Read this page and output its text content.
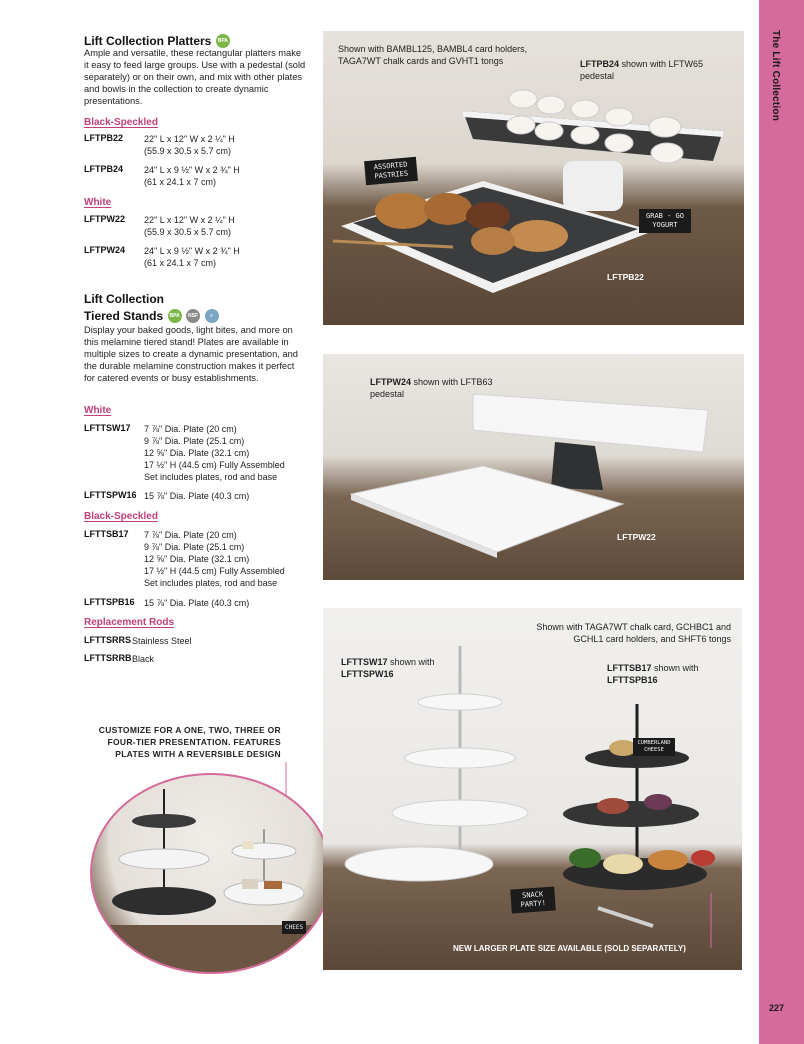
The Lift Collection
227
Lift Collection Platters BPA
Ample and versatile, these rectangular platters make it easy to feed large groups. Use with a pedestal (sold separately) or on their own, and mix with other plates and bowls in the collection to create dynamic presentations.
Black-Speckled
LFTPB22 22" L x 12" W x 2 ¼" H
(55.9 x 30.5 x 5.7 cm)
LFTPB24 24" L x 9 ½" W x 2 ¾" H
(61 x 24.1 x 7 cm)
White
LFTPW22 22" L x 12" W x 2 ¼" H
(55.9 x 30.5 x 5.7 cm)
LFTPW24 24" L x 9 ½" W x 2 ¾" H
(61 x 24.1 x 7 cm)
Lift Collection
Tiered Stands BPA NSF ≡
Display your baked goods, light bites, and more on this melamine tiered stand! Plates are available in multiple sizes to create a dynamic presentation, and the durable melamine construction makes it perfect for catered events or busy establishments.
White
LFTTSW17 7 ⅞" Dia. Plate (20 cm)
9 ⅞" Dia. Plate (25.1 cm)
12 ⅝" Dia. Plate (32.1 cm)
17 ½" H (44.5 cm) Fully Assembled
Set includes plates, rod and base
LFTTSPW16 15 ⅞" Dia. Plate (40.3 cm)
Black-Speckled
LFTTSB17 7 ⅞" Dia. Plate (20 cm)
9 ⅞" Dia. Plate (25.1 cm)
12 ⅝" Dia. Plate (32.1 cm)
17 ½" H (44.5 cm) Fully Assembled
Set includes plates, rod and base
LFTTSPB16 15 ⅞" Dia. Plate (40.3 cm)
Replacement Rods
LFTTSRRS Stainless Steel
LFTTSRRB Black
CUSTOMIZE FOR A ONE, TWO, THREE OR FOUR-TIER PRESENTATION. FEATURES PLATES WITH A REVERSIBLE DESIGN
CHEES
Shown with BAMBL125, BAMBL4 card holders, TAGA7WT chalk cards and GVHT1 tongs	LFTPB24 shown with LFTW65 pedestal
ASSORTED PASTRIES
GRAB - GO YOGURT
LFTPB22
LFTPW24 shown with LFTB63 pedestal
LFTPW22
Shown with TAGA7WT chalk card, GCHBC1 and GCHL1 card holders, and SHFT6 tongs
LFTTSW17 shown with LFTTSPW16
LFTTSB17 shown with LFTTSPB16
CUMBERLAND CHEESE
SNACK PARTY!
NEW LARGER PLATE SIZE AVAILABLE (SOLD SEPARATELY)
